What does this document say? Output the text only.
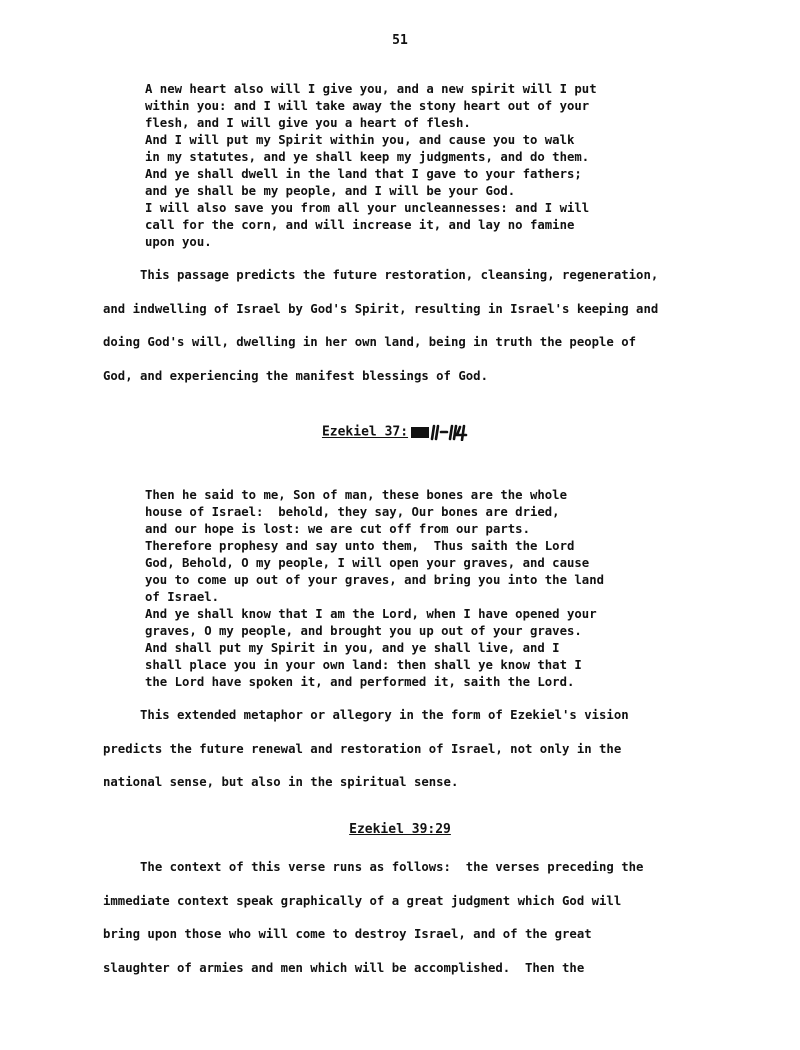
51
A new heart also will I give you, and a new spirit will I put
within you: and I will take away the stony heart out of your
flesh, and I will give you a heart of flesh.
And I will put my Spirit within you, and cause you to walk
in my statutes, and ye shall keep my judgments, and do them.
And ye shall dwell in the land that I gave to your fathers;
and ye shall be my people, and I will be your God.
I will also save you from all your uncleannesses: and I will
call for the corn, and will increase it, and lay no famine
upon you.
This passage predicts the future restoration, cleansing, regeneration,
and indwelling of Israel by God's Spirit, resulting in Israel's keeping and
doing God's will, dwelling in her own land, being in truth the people of
God, and experiencing the manifest blessings of God.
Ezekiel 37:
Then he said to me, Son of man, these bones are the whole
house of Israel:  behold, they say, Our bones are dried,
and our hope is lost: we are cut off from our parts.
Therefore prophesy and say unto them,  Thus saith the Lord
God, Behold, O my people, I will open your graves, and cause
you to come up out of your graves, and bring you into the land
of Israel.
And ye shall know that I am the Lord, when I have opened your
graves, O my people, and brought you up out of your graves.
And shall put my Spirit in you, and ye shall live, and I
shall place you in your own land: then shall ye know that I
the Lord have spoken it, and performed it, saith the Lord.
This extended metaphor or allegory in the form of Ezekiel's vision
predicts the future renewal and restoration of Israel, not only in the
national sense, but also in the spiritual sense.
Ezekiel 39:29
The context of this verse runs as follows:  the verses preceding the
immediate context speak graphically of a great judgment which God will
bring upon those who will come to destroy Israel, and of the great
slaughter of armies and men which will be accomplished.  Then the
